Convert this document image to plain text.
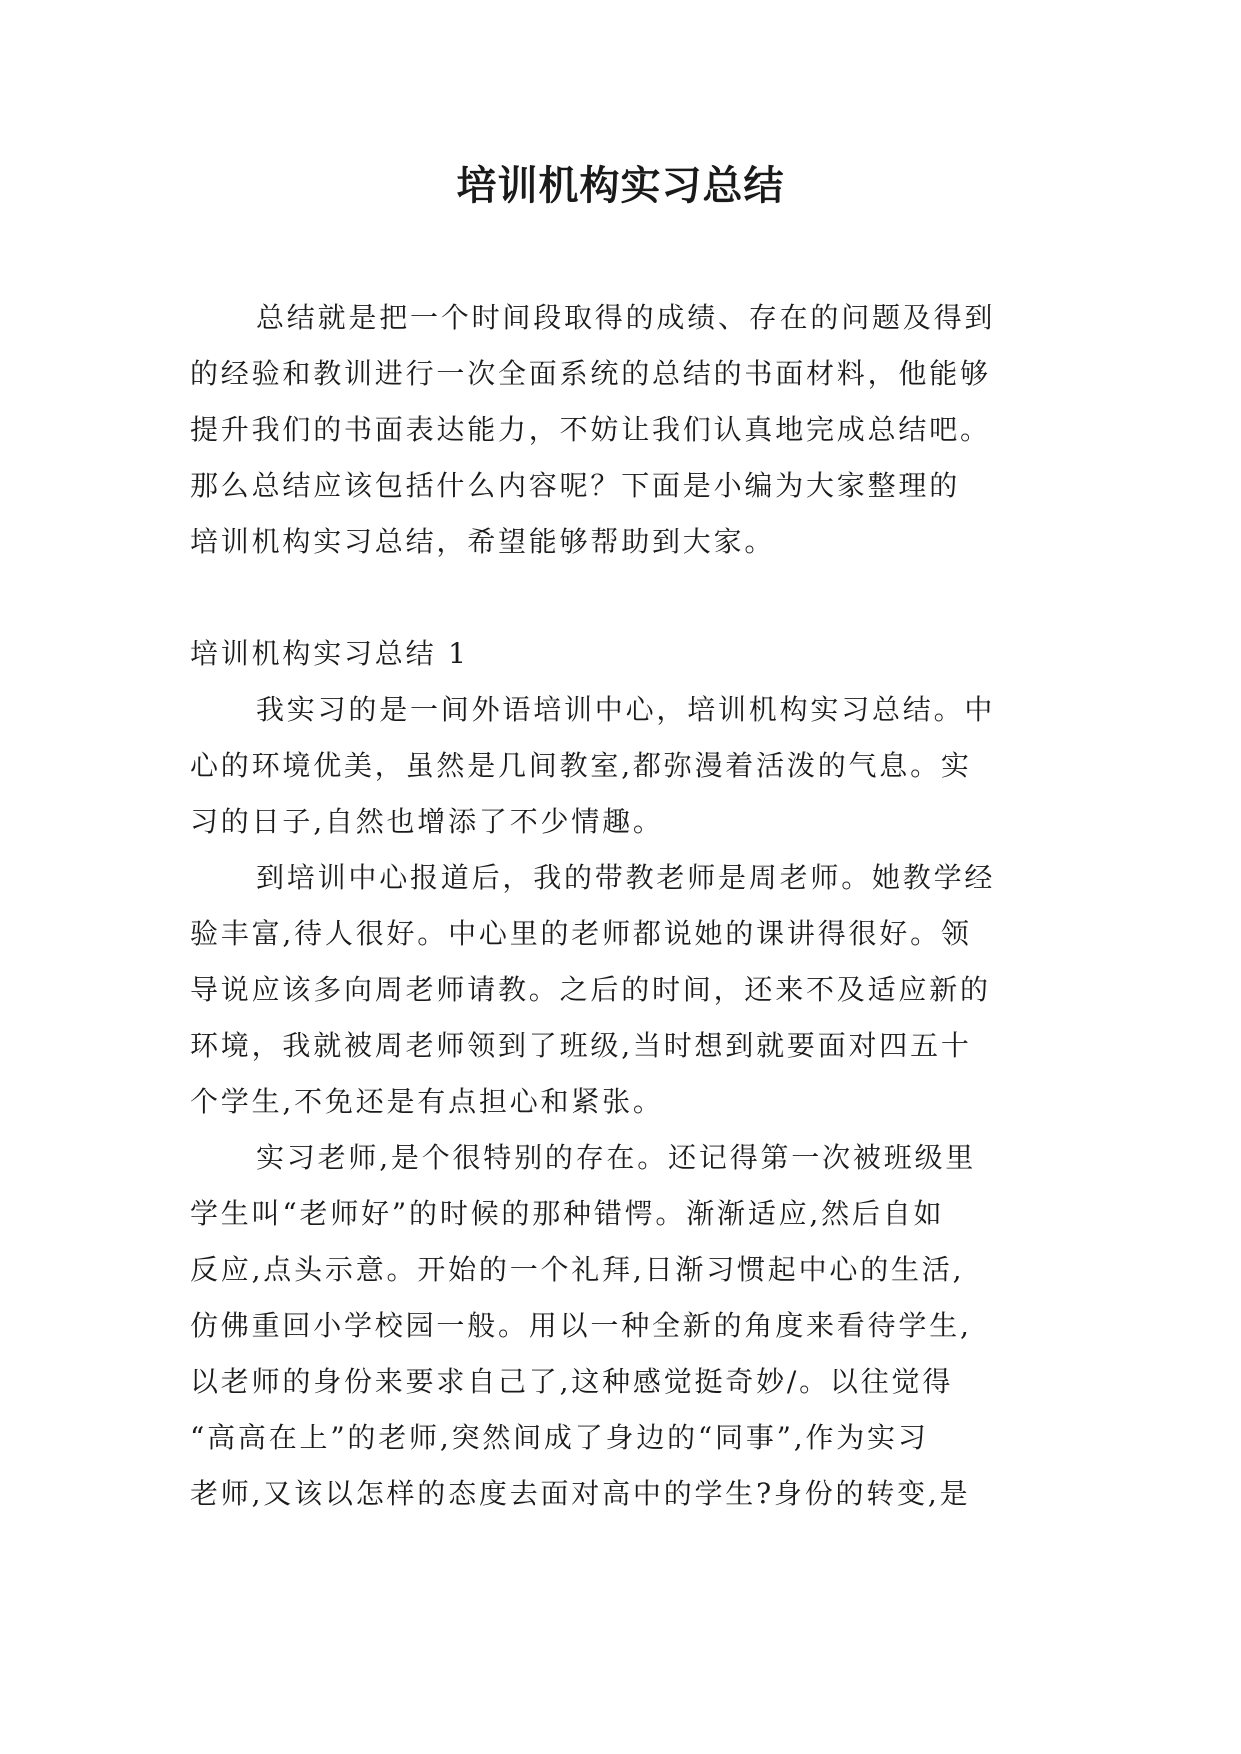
培训机构实习总结
总结就是把一个时间段取得的成绩、存在的问题及得到
的经验和教训进行一次全面系统的总结的书面材料，他能够
提升我们的书面表达能力，不妨让我们认真地完成总结吧。
那么总结应该包括什么内容呢？下面是小编为大家整理的
培训机构实习总结，希望能够帮助到大家。
培训机构实习总结 1
我实习的是一间外语培训中心，培训机构实习总结。中
心的环境优美，虽然是几间教室,都弥漫着活泼的气息。实
习的日子,自然也增添了不少情趣。
到培训中心报道后，我的带教老师是周老师。她教学经
验丰富,待人很好。中心里的老师都说她的课讲得很好。领
导说应该多向周老师请教。之后的时间，还来不及适应新的
环境，我就被周老师领到了班级,当时想到就要面对四五十
个学生,不免还是有点担心和紧张。
实习老师,是个很特别的存在。还记得第一次被班级里
学生叫“老师好”的时候的那种错愕。渐渐适应,然后自如
反应,点头示意。开始的一个礼拜,日渐习惯起中心的生活,
仿佛重回小学校园一般。用以一种全新的角度来看待学生,
以老师的身份来要求自己了,这种感觉挺奇妙/。以往觉得
“高高在上”的老师,突然间成了身边的“同事”,作为实习
老师,又该以怎样的态度去面对高中的学生?身份的转变,是
